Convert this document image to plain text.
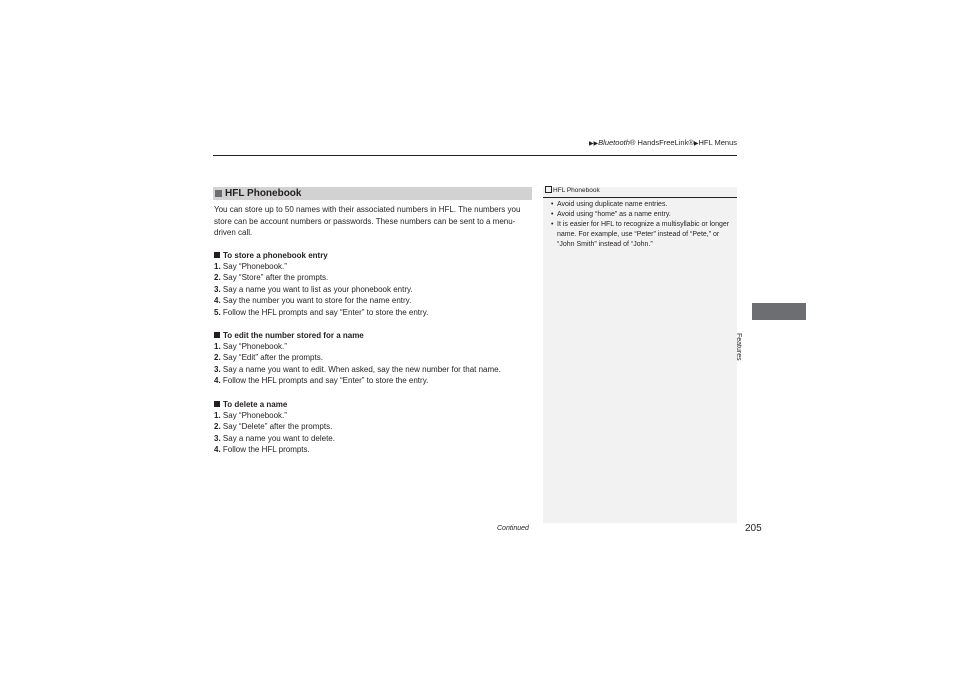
▶▶Bluetooth® HandsFreeLink®▶HFL Menus
HFL Phonebook
You can store up to 50 names with their associated numbers in HFL. The numbers you store can be account numbers or passwords. These numbers can be sent to a menu-driven call.
To store a phonebook entry
1. Say “Phonebook.”
2. Say “Store” after the prompts.
3. Say a name you want to list as your phonebook entry.
4. Say the number you want to store for the name entry.
5. Follow the HFL prompts and say “Enter” to store the entry.
To edit the number stored for a name
1. Say “Phonebook.”
2. Say “Edit” after the prompts.
3. Say a name you want to edit. When asked, say the new number for that name.
4. Follow the HFL prompts and say “Enter” to store the entry.
To delete a name
1. Say “Phonebook.”
2. Say “Delete” after the prompts.
3. Say a name you want to delete.
4. Follow the HFL prompts.
HFL Phonebook
• Avoid using duplicate name entries.
• Avoid using “home” as a name entry.
• It is easier for HFL to recognize a multisyllabic or longer name. For example, use “Peter” instead of “Pete,” or “John Smith” instead of “John.”
Features
Continued	205
